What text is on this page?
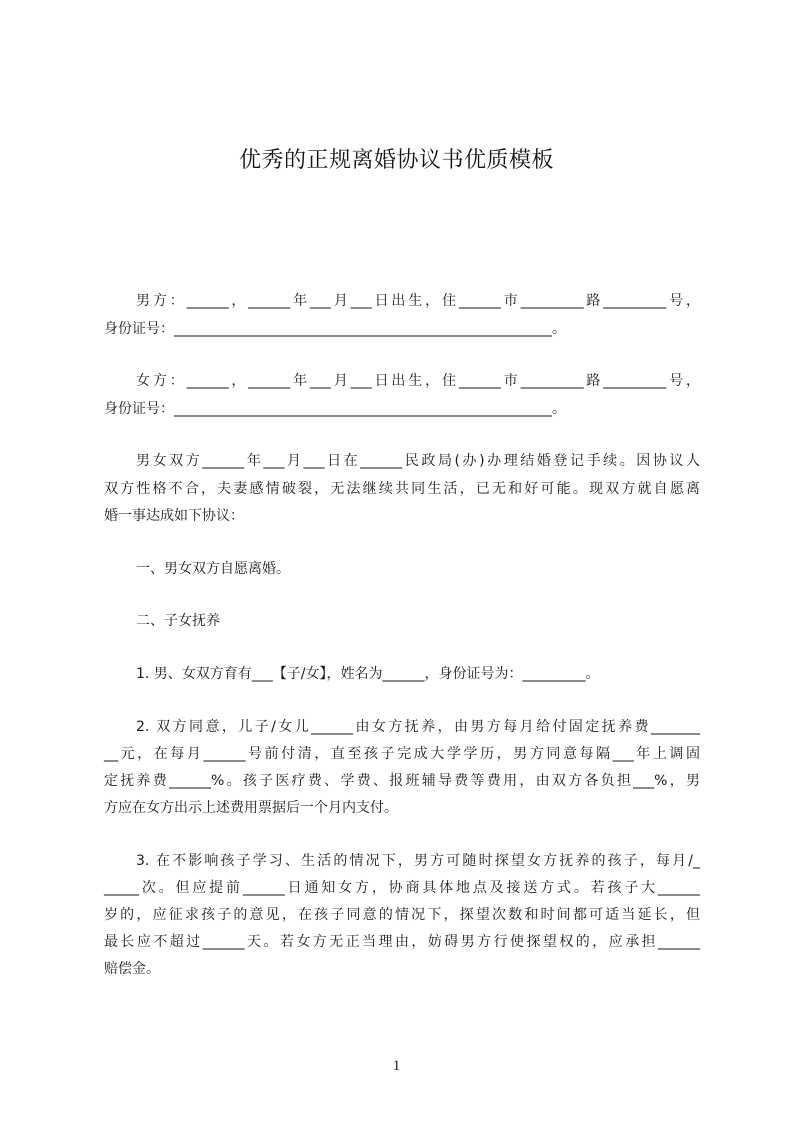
优秀的正规离婚协议书优质模板
男方：______，______年___月___日出生，住______市_________路_________号，
身份证号：______________________________________________________。
女方：______，______年___月___日出生，住______市_________路_________号，
身份证号：______________________________________________________。
男女双方______年___月___日在______民政局(办)办理结婚登记手续。因协议人
双方性格不合，夫妻感情破裂，无法继续共同生活，已无和好可能。现双方就自愿离
婚一事达成如下协议：
一、男女双方自愿离婚。
二、子女抚养
1. 男、女双方育有___【子/女】，姓名为______，身份证号为：_________。
2. 双方同意，儿子/女儿______由女方抚养，由男方每月给付固定抚养费_______
__元，在每月______号前付清，直至孩子完成大学学历，男方同意每隔___年上调固
定抚养费______%。孩子医疗费、学费、报班辅导费等费用，由双方各负担___%，男
方应在女方出示上述费用票据后一个月内支付。
3. 在不影响孩子学习、生活的情况下，男方可随时探望女方抚养的孩子，每月/_
_____次。但应提前______日通知女方，协商具体地点及接送方式。若孩子大______
岁的，应征求孩子的意见，在孩子同意的情况下，探望次数和时间都可适当延长，但
最长应不超过______天。若女方无正当理由，妨碍男方行使探望权的，应承担______
赔偿金。
1
